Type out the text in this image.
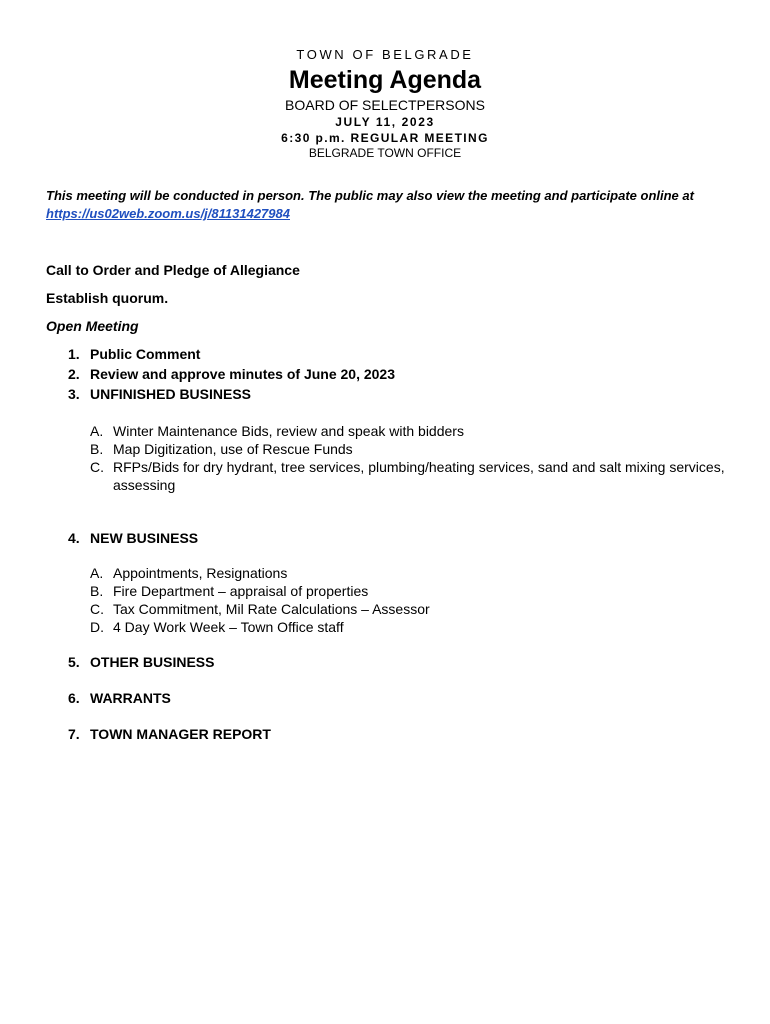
TOWN OF BELGRADE
Meeting Agenda
BOARD OF SELECTPERSONS
JULY 11, 2023
6:30 p.m. REGULAR MEETING
BELGRADE TOWN OFFICE
This meeting will be conducted in person. The public may also view the meeting and participate online at https://us02web.zoom.us/j/81131427984
Call to Order and Pledge of Allegiance
Establish quorum.
Open Meeting
1. Public Comment
2. Review and approve minutes of June 20, 2023
3. UNFINISHED BUSINESS
A. Winter Maintenance Bids, review and speak with bidders
B. Map Digitization, use of Rescue Funds
C. RFPs/Bids for dry hydrant, tree services, plumbing/heating services, sand and salt mixing services, assessing
4. NEW BUSINESS
A. Appointments, Resignations
B. Fire Department – appraisal of properties
C. Tax Commitment, Mil Rate Calculations – Assessor
D. 4 Day Work Week – Town Office staff
5. OTHER BUSINESS
6. WARRANTS
7. TOWN MANAGER REPORT
